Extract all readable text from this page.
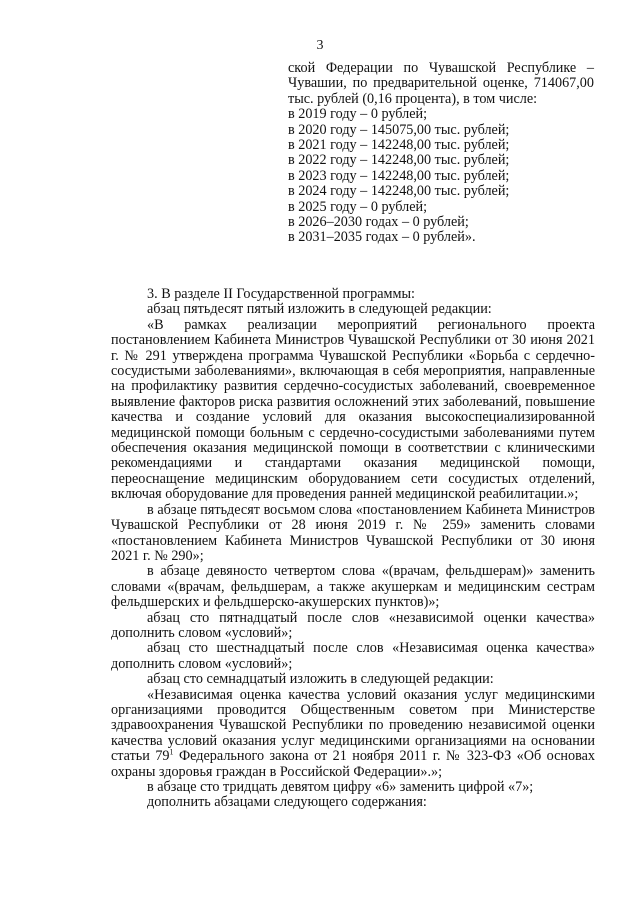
3
ской Федерации по Чувашской Республике – Чувашии, по предварительной оценке, 714067,00 тыс. рублей (0,16 процента), в том числе:
в 2019 году – 0 рублей;
в 2020 году – 145075,00 тыс. рублей;
в 2021 году – 142248,00 тыс. рублей;
в 2022 году – 142248,00 тыс. рублей;
в 2023 году – 142248,00 тыс. рублей;
в 2024 году – 142248,00 тыс. рублей;
в 2025 году – 0 рублей;
в 2026–2030 годах – 0 рублей;
в 2031–2035 годах – 0 рублей».

3. В разделе II Государственной программы:

абзац пятьдесят пятый изложить в следующей редакции:

«В рамках реализации мероприятий регионального проекта постановлением Кабинета Министров Чувашской Республики от 30 июня 2021 г. № 291 утверждена программа Чувашской Республики «Борьба с сердечно-сосудистыми заболеваниями», включающая в себя мероприятия, направленные на профилактику развития сердечно-сосудистых заболеваний, своевременное выявление факторов риска развития осложнений этих заболеваний, повышение качества и создание условий для оказания высокоспециализированной медицинской помощи больным с сердечно-сосудистыми заболеваниями путем обеспечения оказания медицинской помощи в соответствии с клиническими рекомендациями и стандартами оказания медицинской помощи, переоснащение медицинским оборудованием сети сосудистых отделений, включая оборудование для проведения ранней медицинской реабилитации.»;

в абзаце пятьдесят восьмом слова «постановлением Кабинета Министров Чувашской Республики от 28 июня 2019 г. № 259» заменить словами «постановлением Кабинета Министров Чувашской Республики от 30 июня 2021 г. № 290»;

в абзаце девяносто четвертом слова «(врачам, фельдшерам)» заменить словами «(врачам, фельдшерам, а также акушеркам и медицинским сестрам фельдшерских и фельдшерско-акушерских пунктов)»;

абзац сто пятнадцатый после слов «независимой оценки качества» дополнить словом «условий»;

абзац сто шестнадцатый после слов «Независимая оценка качества» дополнить словом «условий»;

абзац сто семнадцатый изложить в следующей редакции:

«Независимая оценка качества условий оказания услуг медицинскими организациями проводится Общественным советом при Министерстве здравоохранения Чувашской Республики по проведению независимой оценки качества условий оказания услуг медицинскими организациями на основании статьи $79^1$ Федерального закона от 21 ноября 2011 г. № 323-ФЗ «Об основах охраны здоровья граждан в Российской Федерации».»;

в абзаце сто тридцать девятом цифру «6» заменить цифрой «7»;

дополнить абзацами следующего содержания:
